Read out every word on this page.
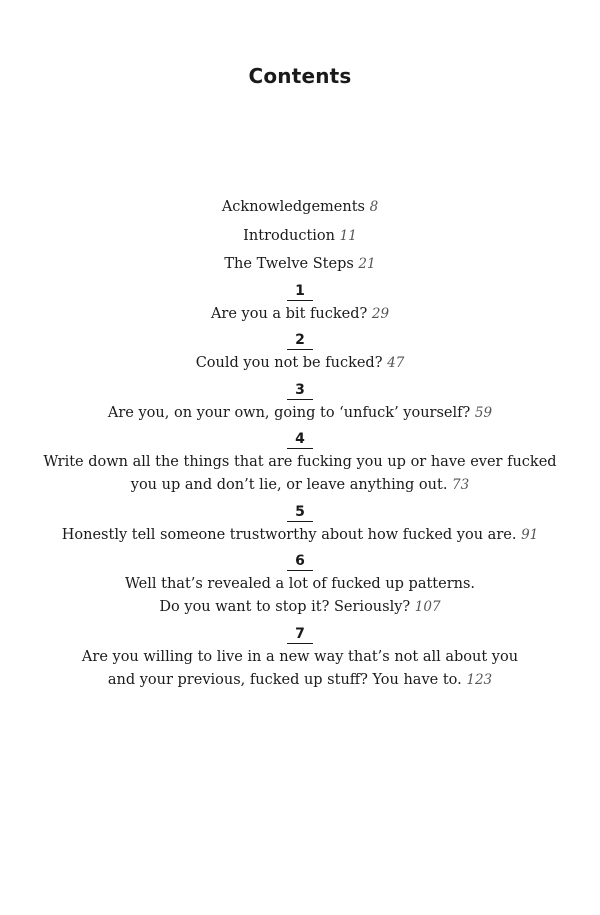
Contents

Acknowledgements 8

Introduction 11

The Twelve Steps 21

1

Are you a bit fucked? 29

2

Could you not be fucked? 47

3

Are you, on your own, going to ‘unfuck’ yourself? 59

4

Write down all the things that are fucking you up or have ever fucked
you up and don’t lie, or leave anything out. 73

5

Honestly tell someone trustworthy about how fucked you are. 91

6

Well that’s revealed a lot of fucked up patterns.
Do you want to stop it? Seriously? 107

7

Are you willing to live in a new way that’s not all about you
and your previous, fucked up stuff? You have to. 123
